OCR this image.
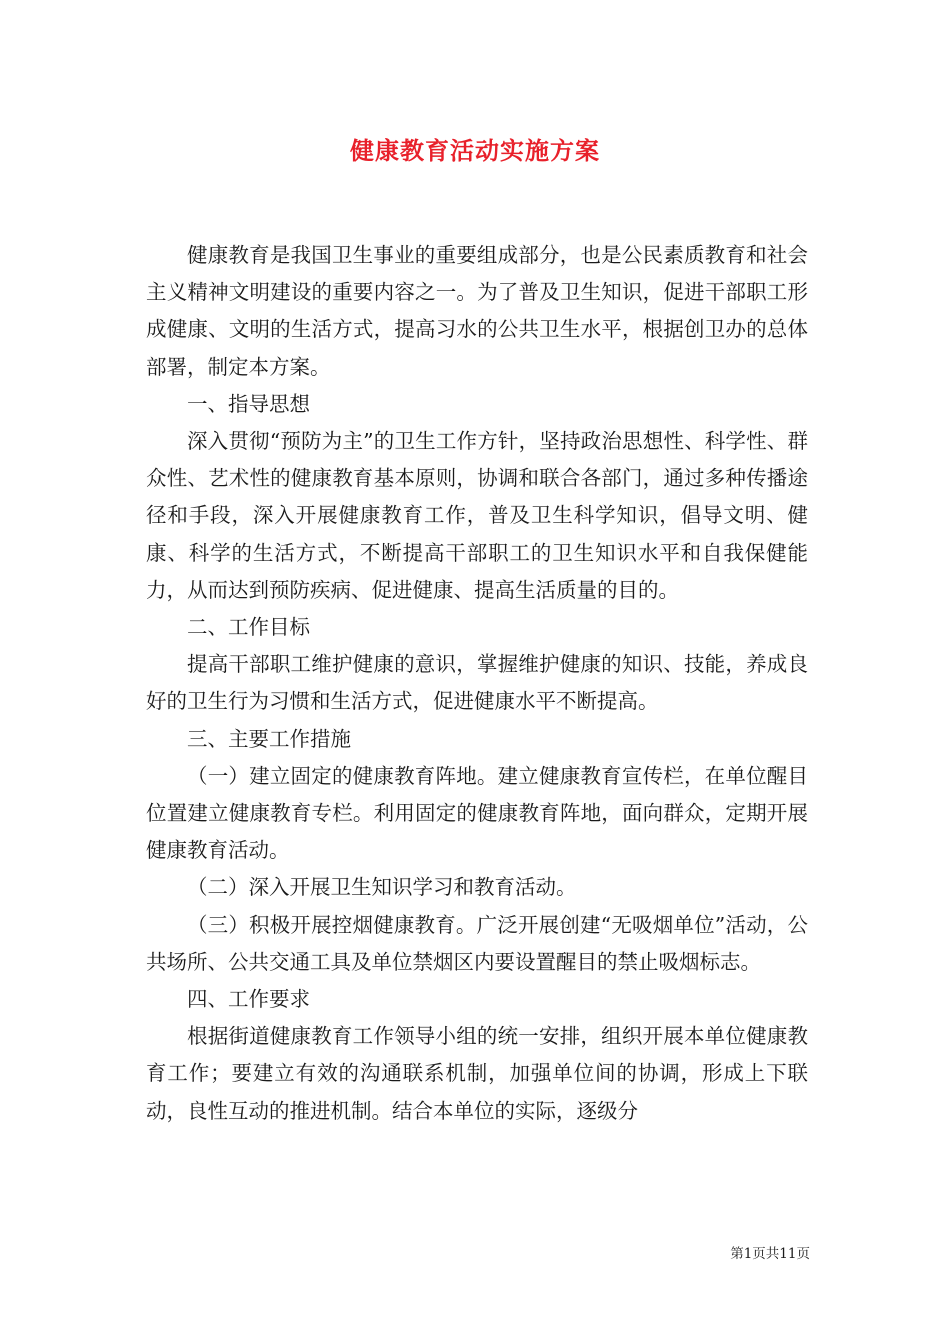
健康教育活动实施方案

健康教育是我国卫生事业的重要组成部分，也是公民素质教育和社会主义精神文明建设的重要内容之一。为了普及卫生知识，促进干部职工形成健康、文明的生活方式，提高习水的公共卫生水平，根据创卫办的总体部署，制定本方案。

一、指导思想

深入贯彻“预防为主”的卫生工作方针，坚持政治思想性、科学性、群众性、艺术性的健康教育基本原则，协调和联合各部门，通过多种传播途径和手段，深入开展健康教育工作，普及卫生科学知识，倡导文明、健康、科学的生活方式，不断提高干部职工的卫生知识水平和自我保健能力，从而达到预防疾病、促进健康、提高生活质量的目的。

二、工作目标

提高干部职工维护健康的意识，掌握维护健康的知识、技能，养成良好的卫生行为习惯和生活方式，促进健康水平不断提高。

三、主要工作措施

（一）建立固定的健康教育阵地。建立健康教育宣传栏，在单位醒目位置建立健康教育专栏。利用固定的健康教育阵地，面向群众，定期开展健康教育活动。

（二）深入开展卫生知识学习和教育活动。

（三）积极开展控烟健康教育。广泛开展创建“无吸烟单位”活动，公共场所、公共交通工具及单位禁烟区内要设置醒目的禁止吸烟标志。

四、工作要求

根据街道健康教育工作领导小组的统一安排，组织开展本单位健康教育工作；要建立有效的沟通联系机制，加强单位间的协调，形成上下联动，良性互动的推进机制。结合本单位的实际，逐级分

第1页共11页
